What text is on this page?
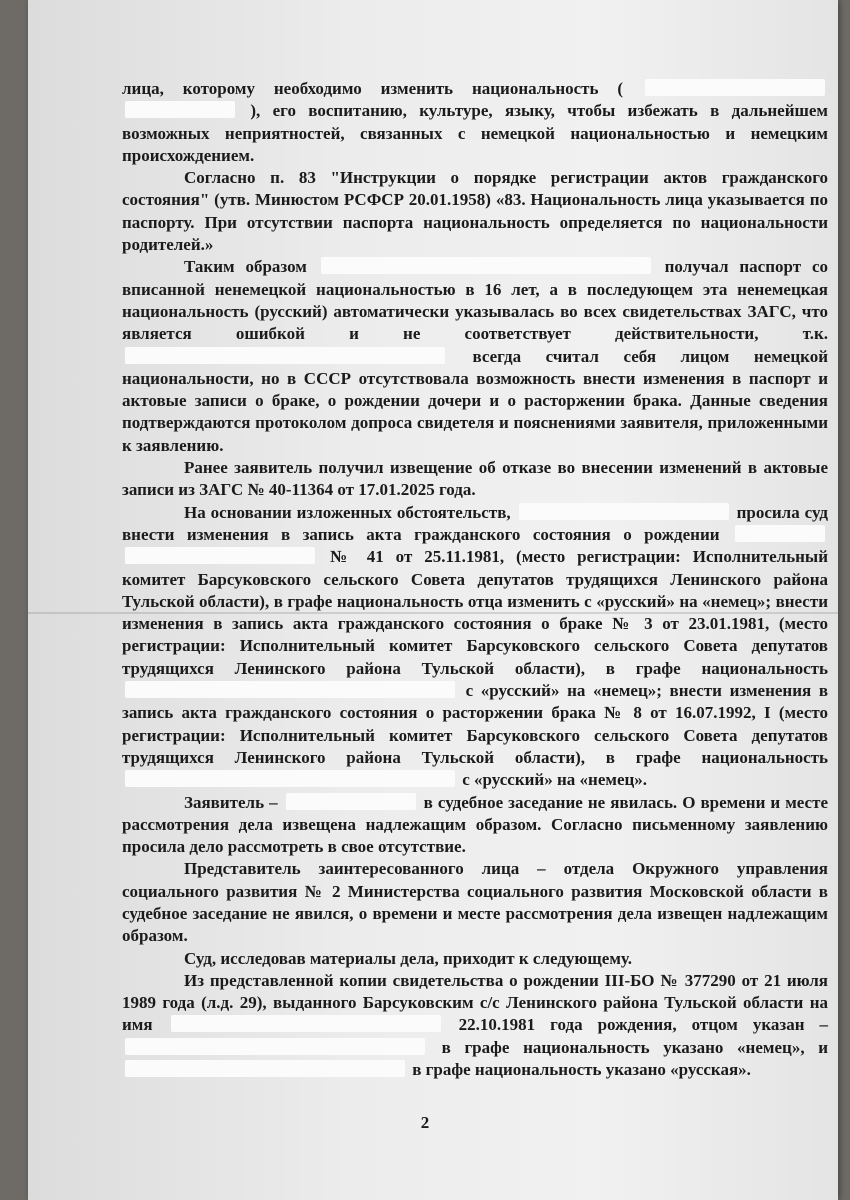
лица, которому необходимо изменить национальность (   ), его воспитанию, культуре, языку, чтобы избежать в дальнейшем возможных неприятностей, связанных с немецкой национальностью и немецким происхождением.

Согласно п. 83 "Инструкции о порядке регистрации актов гражданского состояния" (утв. Минюстом РСФСР 20.01.1958) «83. Национальность лица указывается по паспорту. При отсутствии паспорта национальность определяется по национальности родителей.»

Таким образом	получал паспорт со вписанной ненемецкой национальностью в 16 лет, а в последующем эта ненемецкая национальность (русский) автоматически указывалась во всех свидетельствах ЗАГС, что является ошибкой и не соответствует действительности, т.к.  всегда считал себя лицом немецкой национальности, но в СССР отсутствовала возможность внести изменения в паспорт и актовые записи о браке, о рождении дочери и о расторжении брака. Данные сведения подтверждаются протоколом допроса свидетеля и пояснениями заявителя, приложенными к заявлению.

Ранее заявитель получил извещение об отказе во внесении изменений в актовые записи из ЗАГС № 40-11364 от 17.01.2025 года.

На основании изложенных обстоятельств,	просила суд внести изменения в запись акта гражданского состояния о рождении   № 41 от 25.11.1981, (место регистрации: Исполнительный комитет Барсуковского сельского Совета депутатов трудящихся Ленинского района Тульской области), в графе национальность отца изменить с «русский» на «немец»; внести изменения в запись акта гражданского состояния о браке № 3 от 23.01.1981, (место регистрации: Исполнительный комитет Барсуковского сельского Совета депутатов трудящихся Ленинского района Тульской области), в графе национальность  с «русский» на «немец»; внести изменения в запись акта гражданского состояния о расторжении брака № 8 от 16.07.1992, I (место регистрации: Исполнительный комитет Барсуковского сельского Совета депутатов трудящихся Ленинского района Тульской области), в графе национальность  с «русский» на «немец».

Заявитель –	в судебное заседание не явилась. О времени и месте рассмотрения дела извещена надлежащим образом. Согласно письменному заявлению просила дело рассмотреть в свое отсутствие.

Представитель заинтересованного лица – отдела Окружного управления социального развития № 2 Министерства социального развития Московской области в судебное заседание не явился, о времени и месте рассмотрения дела извещен надлежащим образом.

Суд, исследовав материалы дела, приходит к следующему.

Из представленной копии свидетельства о рождении III-БО № 377290 от 21 июля 1989 года (л.д. 29), выданного Барсуковским с/с Ленинского района Тульской области на имя	22.10.1981 года рождения, отцом указан –  в графе национальность указано «немец», и  в графе национальность указано «русская».

2
